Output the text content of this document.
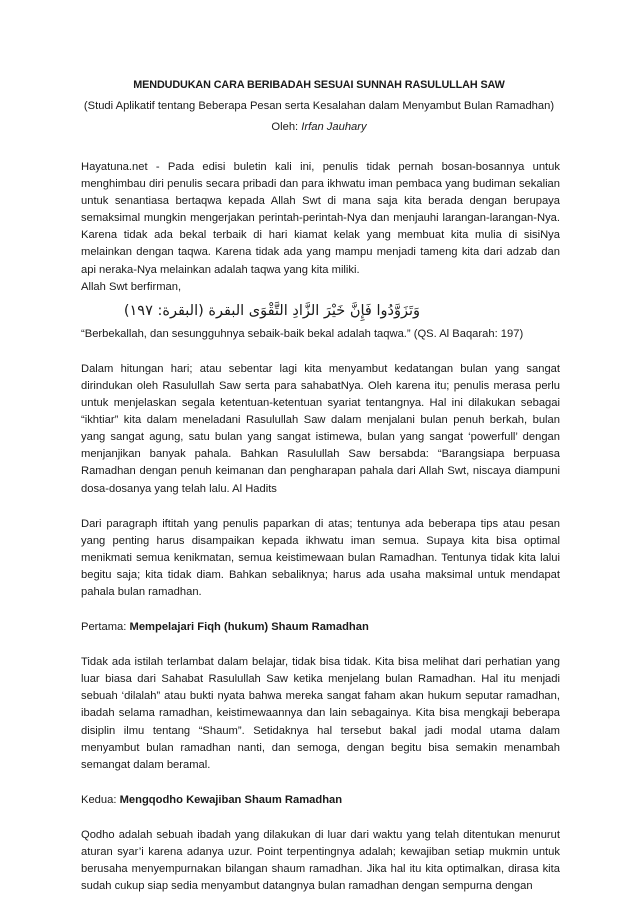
MENDUDUKAN CARA BERIBADAH SESUAI SUNNAH RASULULLAH SAW
(Studi Aplikatif tentang Beberapa Pesan serta Kesalahan dalam Menyambut Bulan Ramadhan)
Oleh: Irfan Jauhary

Hayatuna.net - Pada edisi buletin kali ini, penulis tidak pernah bosan-bosannya untuk menghimbau diri penulis secara pribadi dan para ikhwatu iman pembaca yang budiman sekalian untuk senantiasa bertaqwa kepada Allah Swt di mana saja kita berada dengan berupaya semaksimal mungkin mengerjakan perintah-perintah-Nya dan menjauhi larangan-larangan-Nya. Karena tidak ada bekal terbaik di hari kiamat kelak yang membuat kita mulia di sisiNya melainkan dengan taqwa. Karena tidak ada yang mampu menjadi tameng kita dari adzab dan api neraka-Nya melainkan adalah taqwa yang kita miliki.

Allah Swt berfirman,

وَتَزَوَّدُوا فَإِنَّ خَيْرَ الزَّادِ التَّقْوَى البقرة (البقرة: ١٩٧)

“Berbekallah, dan sesungguhnya sebaik-baik bekal adalah taqwa.” (QS. Al Baqarah: 197)

Dalam hitungan hari; atau sebentar lagi kita menyambut kedatangan bulan yang sangat dirindukan oleh Rasulullah Saw serta para sahabatNya. Oleh karena itu; penulis merasa perlu untuk menjelaskan segala ketentuan-ketentuan syariat tentangnya. Hal ini dilakukan sebagai “ikhtiar” kita dalam meneladani Rasulullah Saw dalam menjalani bulan penuh berkah, bulan yang sangat agung, satu bulan yang sangat istimewa, bulan yang sangat ‘powerfull’ dengan menjanjikan banyak pahala. Bahkan Rasulullah Saw bersabda: “Barangsiapa berpuasa Ramadhan dengan penuh keimanan dan pengharapan pahala dari Allah Swt, niscaya diampuni dosa-dosanya yang telah lalu. Al Hadits

Dari paragraph iftitah yang penulis paparkan di atas; tentunya ada beberapa tips atau pesan yang penting harus disampaikan kepada ikhwatu iman semua. Supaya kita bisa optimal menikmati semua kenikmatan, semua keistimewaan bulan Ramadhan. Tentunya tidak kita lalui begitu saja; kita tidak diam. Bahkan sebaliknya; harus ada usaha maksimal untuk mendapat pahala bulan ramadhan.

Pertama: Mempelajari Fiqh (hukum) Shaum Ramadhan

Tidak ada istilah terlambat dalam belajar, tidak bisa tidak. Kita bisa melihat dari perhatian yang luar biasa dari Sahabat Rasulullah Saw ketika menjelang bulan Ramadhan. Hal itu menjadi sebuah ‘dilalah” atau bukti nyata bahwa mereka sangat faham akan hukum seputar ramadhan, ibadah selama ramadhan, keistimewaannya dan lain sebagainya. Kita bisa mengkaji beberapa disiplin ilmu tentang “Shaum”. Setidaknya hal tersebut bakal jadi modal utama dalam menyambut bulan ramadhan nanti, dan semoga, dengan begitu bisa semakin menambah semangat dalam beramal.

Kedua: Mengqodho Kewajiban Shaum Ramadhan

Qodho adalah sebuah ibadah yang dilakukan di luar dari waktu yang telah ditentukan menurut aturan syar’i karena adanya uzur. Point terpentingnya adalah; kewajiban setiap mukmin untuk berusaha menyempurnakan bilangan shaum ramadhan. Jika hal itu kita optimalkan, dirasa kita sudah cukup siap sedia menyambut datangnya bulan ramadhan dengan sempurna dengan
